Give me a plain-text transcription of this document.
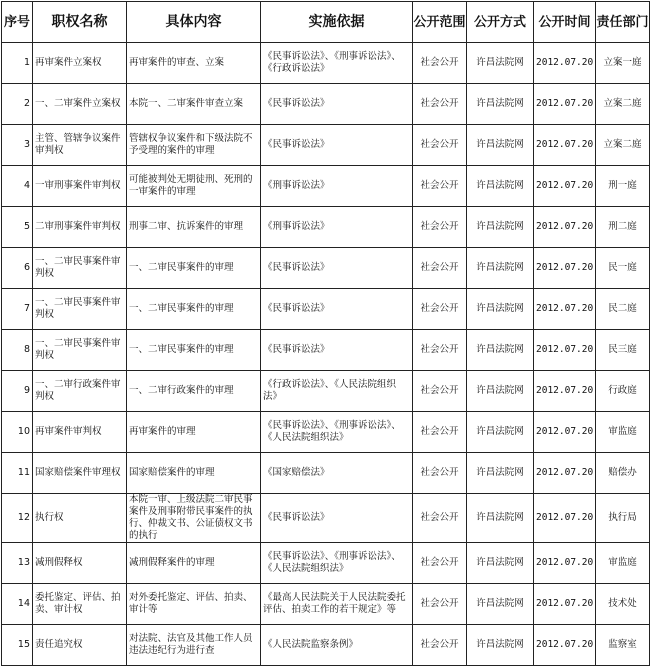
序号	职权名称	具体内容	实施依据	公开范围	公开方式	公开时间	责任部门
1	再审案件立案权	再审案件的审查、立案	《民事诉讼法》、《刑事诉讼法》、《行政诉讼法》	社会公开	许昌法院网	2012.07.20	立案一庭
2	一、二审案件立案权	本院一、二审案件审查立案	《民事诉讼法》	社会公开	许昌法院网	2012.07.20	立案二庭
3	主管、管辖争议案件审判权	管辖权争议案件和下级法院不予受理的案件的审理	《民事诉讼法》	社会公开	许昌法院网	2012.07.20	立案二庭
4	一审刑事案件审判权	可能被判处无期徒刑、死刑的一审案件的审理	《刑事诉讼法》	社会公开	许昌法院网	2012.07.20	刑一庭
5	二审刑事案件审判权	刑事二审、抗诉案件的审理	《刑事诉讼法》	社会公开	许昌法院网	2012.07.20	刑二庭
6	一、二审民事案件审判权	一、二审民事案件的审理	《民事诉讼法》	社会公开	许昌法院网	2012.07.20	民一庭
7	一、二审民事案件审判权	一、二审民事案件的审理	《民事诉讼法》	社会公开	许昌法院网	2012.07.20	民二庭
8	一、二审民事案件审判权	一、二审民事案件的审理	《民事诉讼法》	社会公开	许昌法院网	2012.07.20	民三庭
9	一、二审行政案件审判权	一、二审行政案件的审理	《行政诉讼法》、《人民法院组织法》	社会公开	许昌法院网	2012.07.20	行政庭
10	再审案件审判权	再审案件的审理	《民事诉讼法》、《刑事诉讼法》、《人民法院组织法》	社会公开	许昌法院网	2012.07.20	审监庭
11	国家赔偿案件审理权	国家赔偿案件的审理	《国家赔偿法》	社会公开	许昌法院网	2012.07.20	赔偿办
12	执行权	本院一审、上级法院二审民事案件及刑事附带民事案件的执行、仲裁文书、公证债权文书的执行	《民事诉讼法》	社会公开	许昌法院网	2012.07.20	执行局
13	减刑假释权	减刑假释案件的审理	《民事诉讼法》、《刑事诉讼法》、《人民法院组织法》	社会公开	许昌法院网	2012.07.20	审监庭
14	委托鉴定、评估、拍卖、审计权	对外委托鉴定、评估、拍卖、审计等	《最高人民法院关于人民法院委托评估、拍卖工作的若干规定》等	社会公开	许昌法院网	2012.07.20	技术处
15	责任追究权	对法院、法官及其他工作人员违法违纪行为进行查	《人民法院监察条例》	社会公开	许昌法院网	2012.07.20	监察室
